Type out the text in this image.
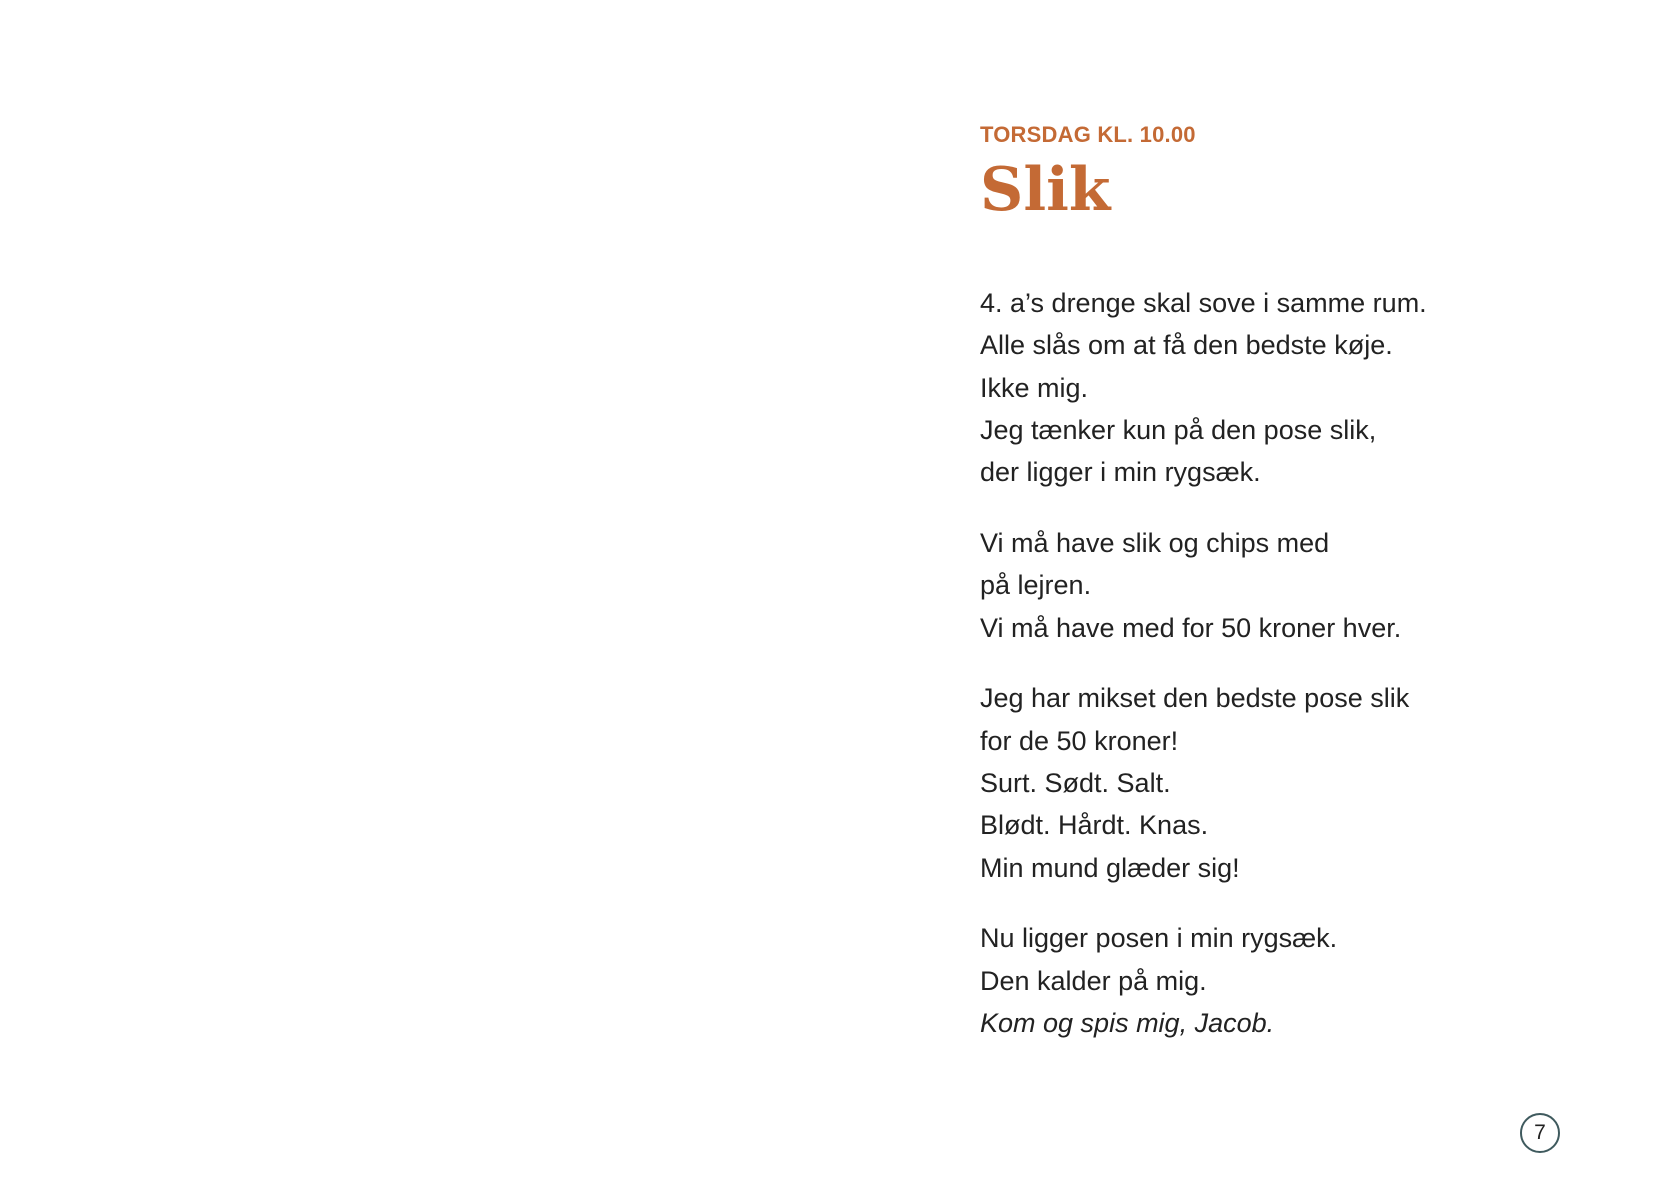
TORSDAG KL. 10.00
Slik

4. a’s drenge skal sove i samme rum.
Alle slås om at få den bedste køje.
Ikke mig.
Jeg tænker kun på den pose slik,
der ligger i min rygsæk.

Vi må have slik og chips med
på lejren.
Vi må have med for 50 kroner hver.

Jeg har mikset den bedste pose slik
for de 50 kroner!
Surt. Sødt. Salt.
Blødt. Hårdt. Knas.
Min mund glæder sig!

Nu ligger posen i min rygsæk.
Den kalder på mig.
Kom og spis mig, Jacob.

7
